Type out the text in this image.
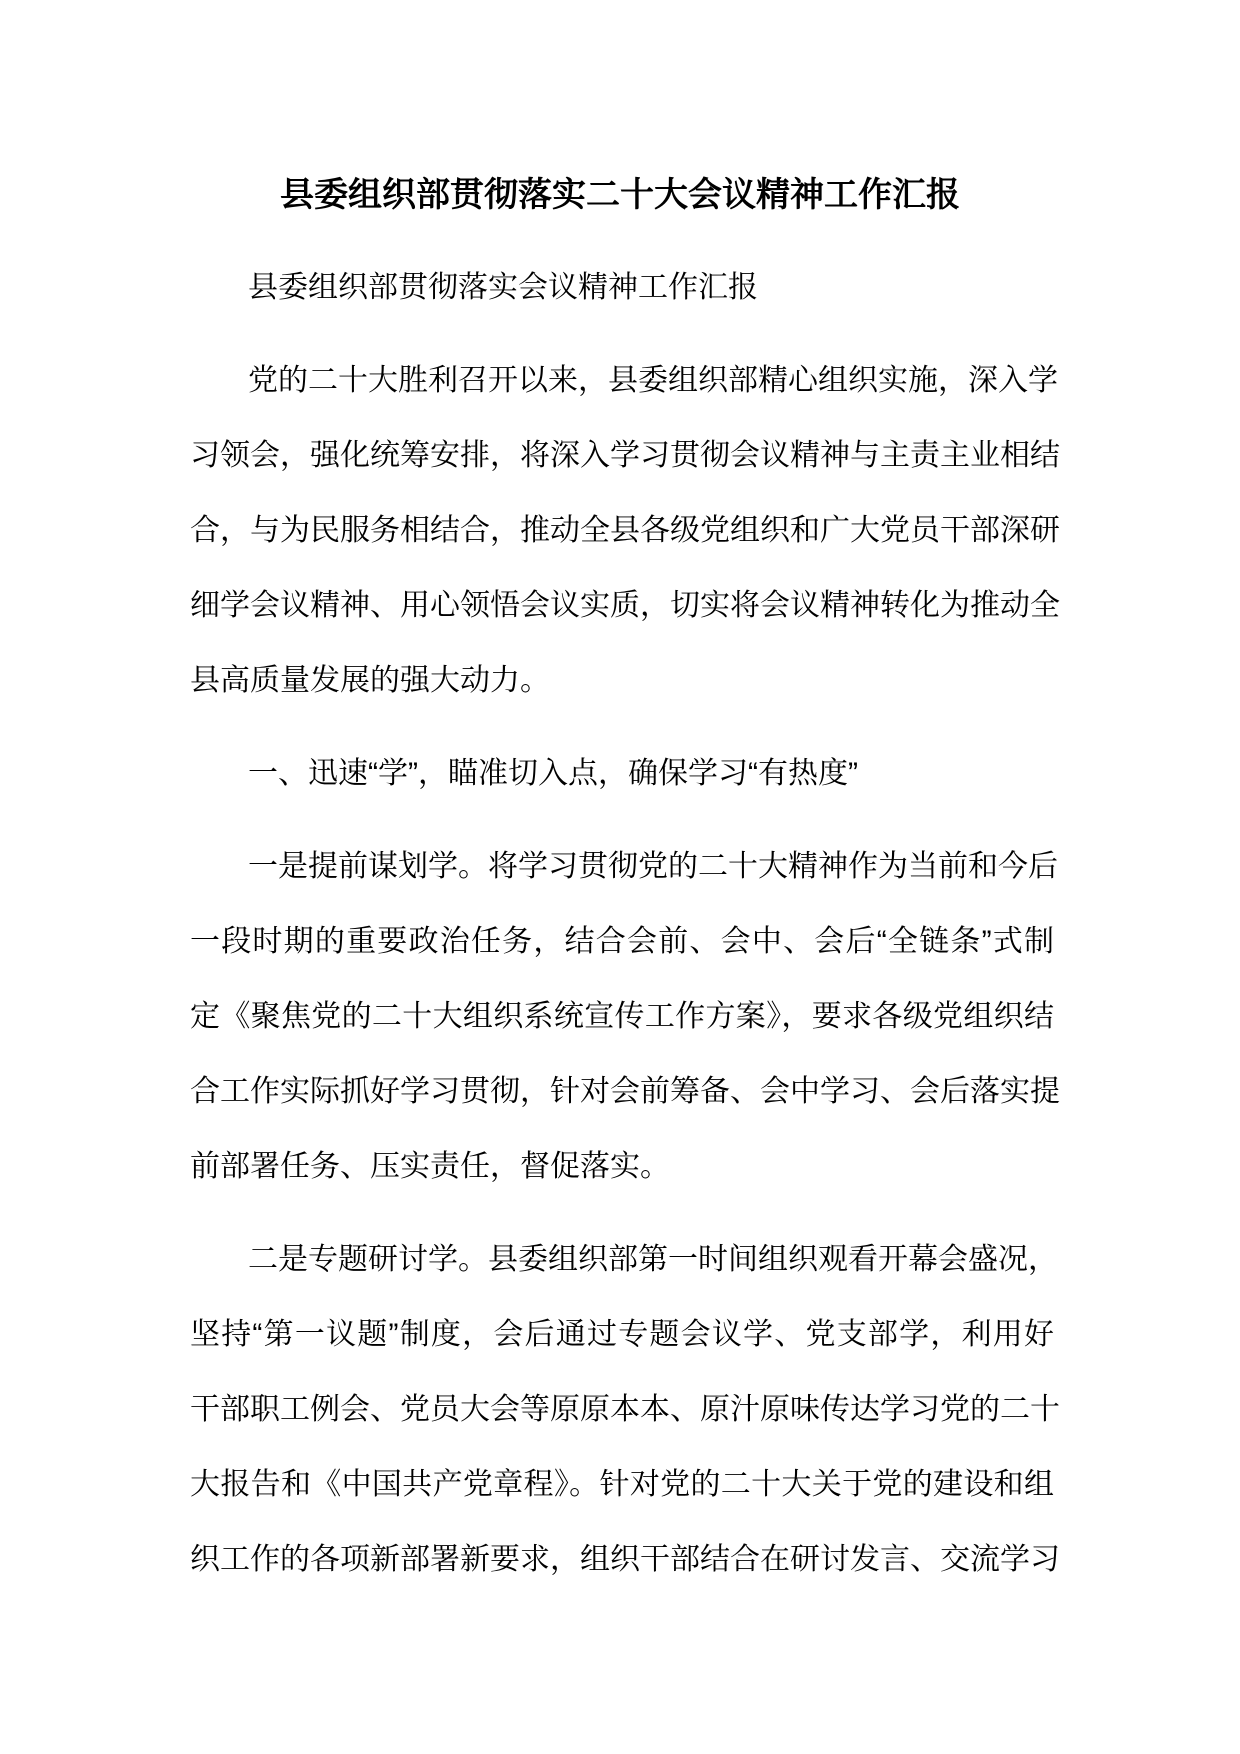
县委组织部贯彻落实二十大会议精神工作汇报
县委组织部贯彻落实会议精神工作汇报
党的二十大胜利召开以来，县委组织部精心组织实施，深入学
习领会，强化统筹安排，将深入学习贯彻会议精神与主责主业相结
合，与为民服务相结合，推动全县各级党组织和广大党员干部深研
细学会议精神、用心领悟会议实质，切实将会议精神转化为推动全
县高质量发展的强大动力。
一、迅速“学”，瞄准切入点，确保学习“有热度”
一是提前谋划学。将学习贯彻党的二十大精神作为当前和今后
一段时期的重要政治任务，结合会前、会中、会后“全链条”式制
定《聚焦党的二十大组织系统宣传工作方案》，要求各级党组织结
合工作实际抓好学习贯彻，针对会前筹备、会中学习、会后落实提
前部署任务、压实责任，督促落实。
二是专题研讨学。县委组织部第一时间组织观看开幕会盛况，
坚持“第一议题”制度，会后通过专题会议学、党支部学，利用好
干部职工例会、党员大会等原原本本、原汁原味传达学习党的二十
大报告和《中国共产党章程》。针对党的二十大关于党的建设和组
织工作的各项新部署新要求，组织干部结合在研讨发言、交流学习
